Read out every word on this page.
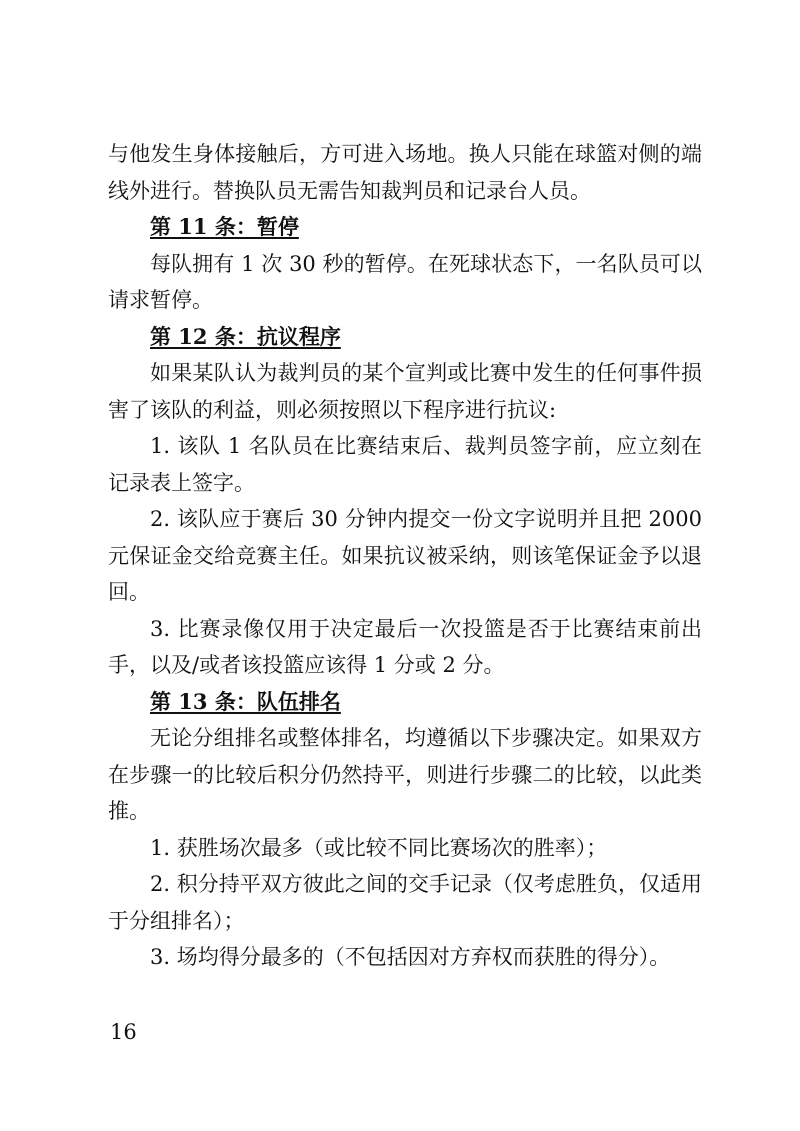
与他发生身体接触后，方可进入场地。换人只能在球篮对侧的端线外进行。替换队员无需告知裁判员和记录台人员。

第 11 条：暂停

每队拥有 1 次 30 秒的暂停。在死球状态下，一名队员可以请求暂停。

第 12 条：抗议程序

如果某队认为裁判员的某个宣判或比赛中发生的任何事件损害了该队的利益，则必须按照以下程序进行抗议:

1. 该队 1 名队员在比赛结束后、裁判员签字前，应立刻在记录表上签字。

2. 该队应于赛后 30 分钟内提交一份文字说明并且把 2000 元保证金交给竞赛主任。如果抗议被采纳，则该笔保证金予以退回。

3. 比赛录像仅用于决定最后一次投篮是否于比赛结束前出手，以及/或者该投篮应该得 1 分或 2 分。

第 13 条：队伍排名

无论分组排名或整体排名，均遵循以下步骤决定。如果双方在步骤一的比较后积分仍然持平，则进行步骤二的比较，以此类推。

1. 获胜场次最多（或比较不同比赛场次的胜率）；

2. 积分持平双方彼此之间的交手记录（仅考虑胜负，仅适用于分组排名）；

3. 场均得分最多的（不包括因对方弃权而获胜的得分）。

16
